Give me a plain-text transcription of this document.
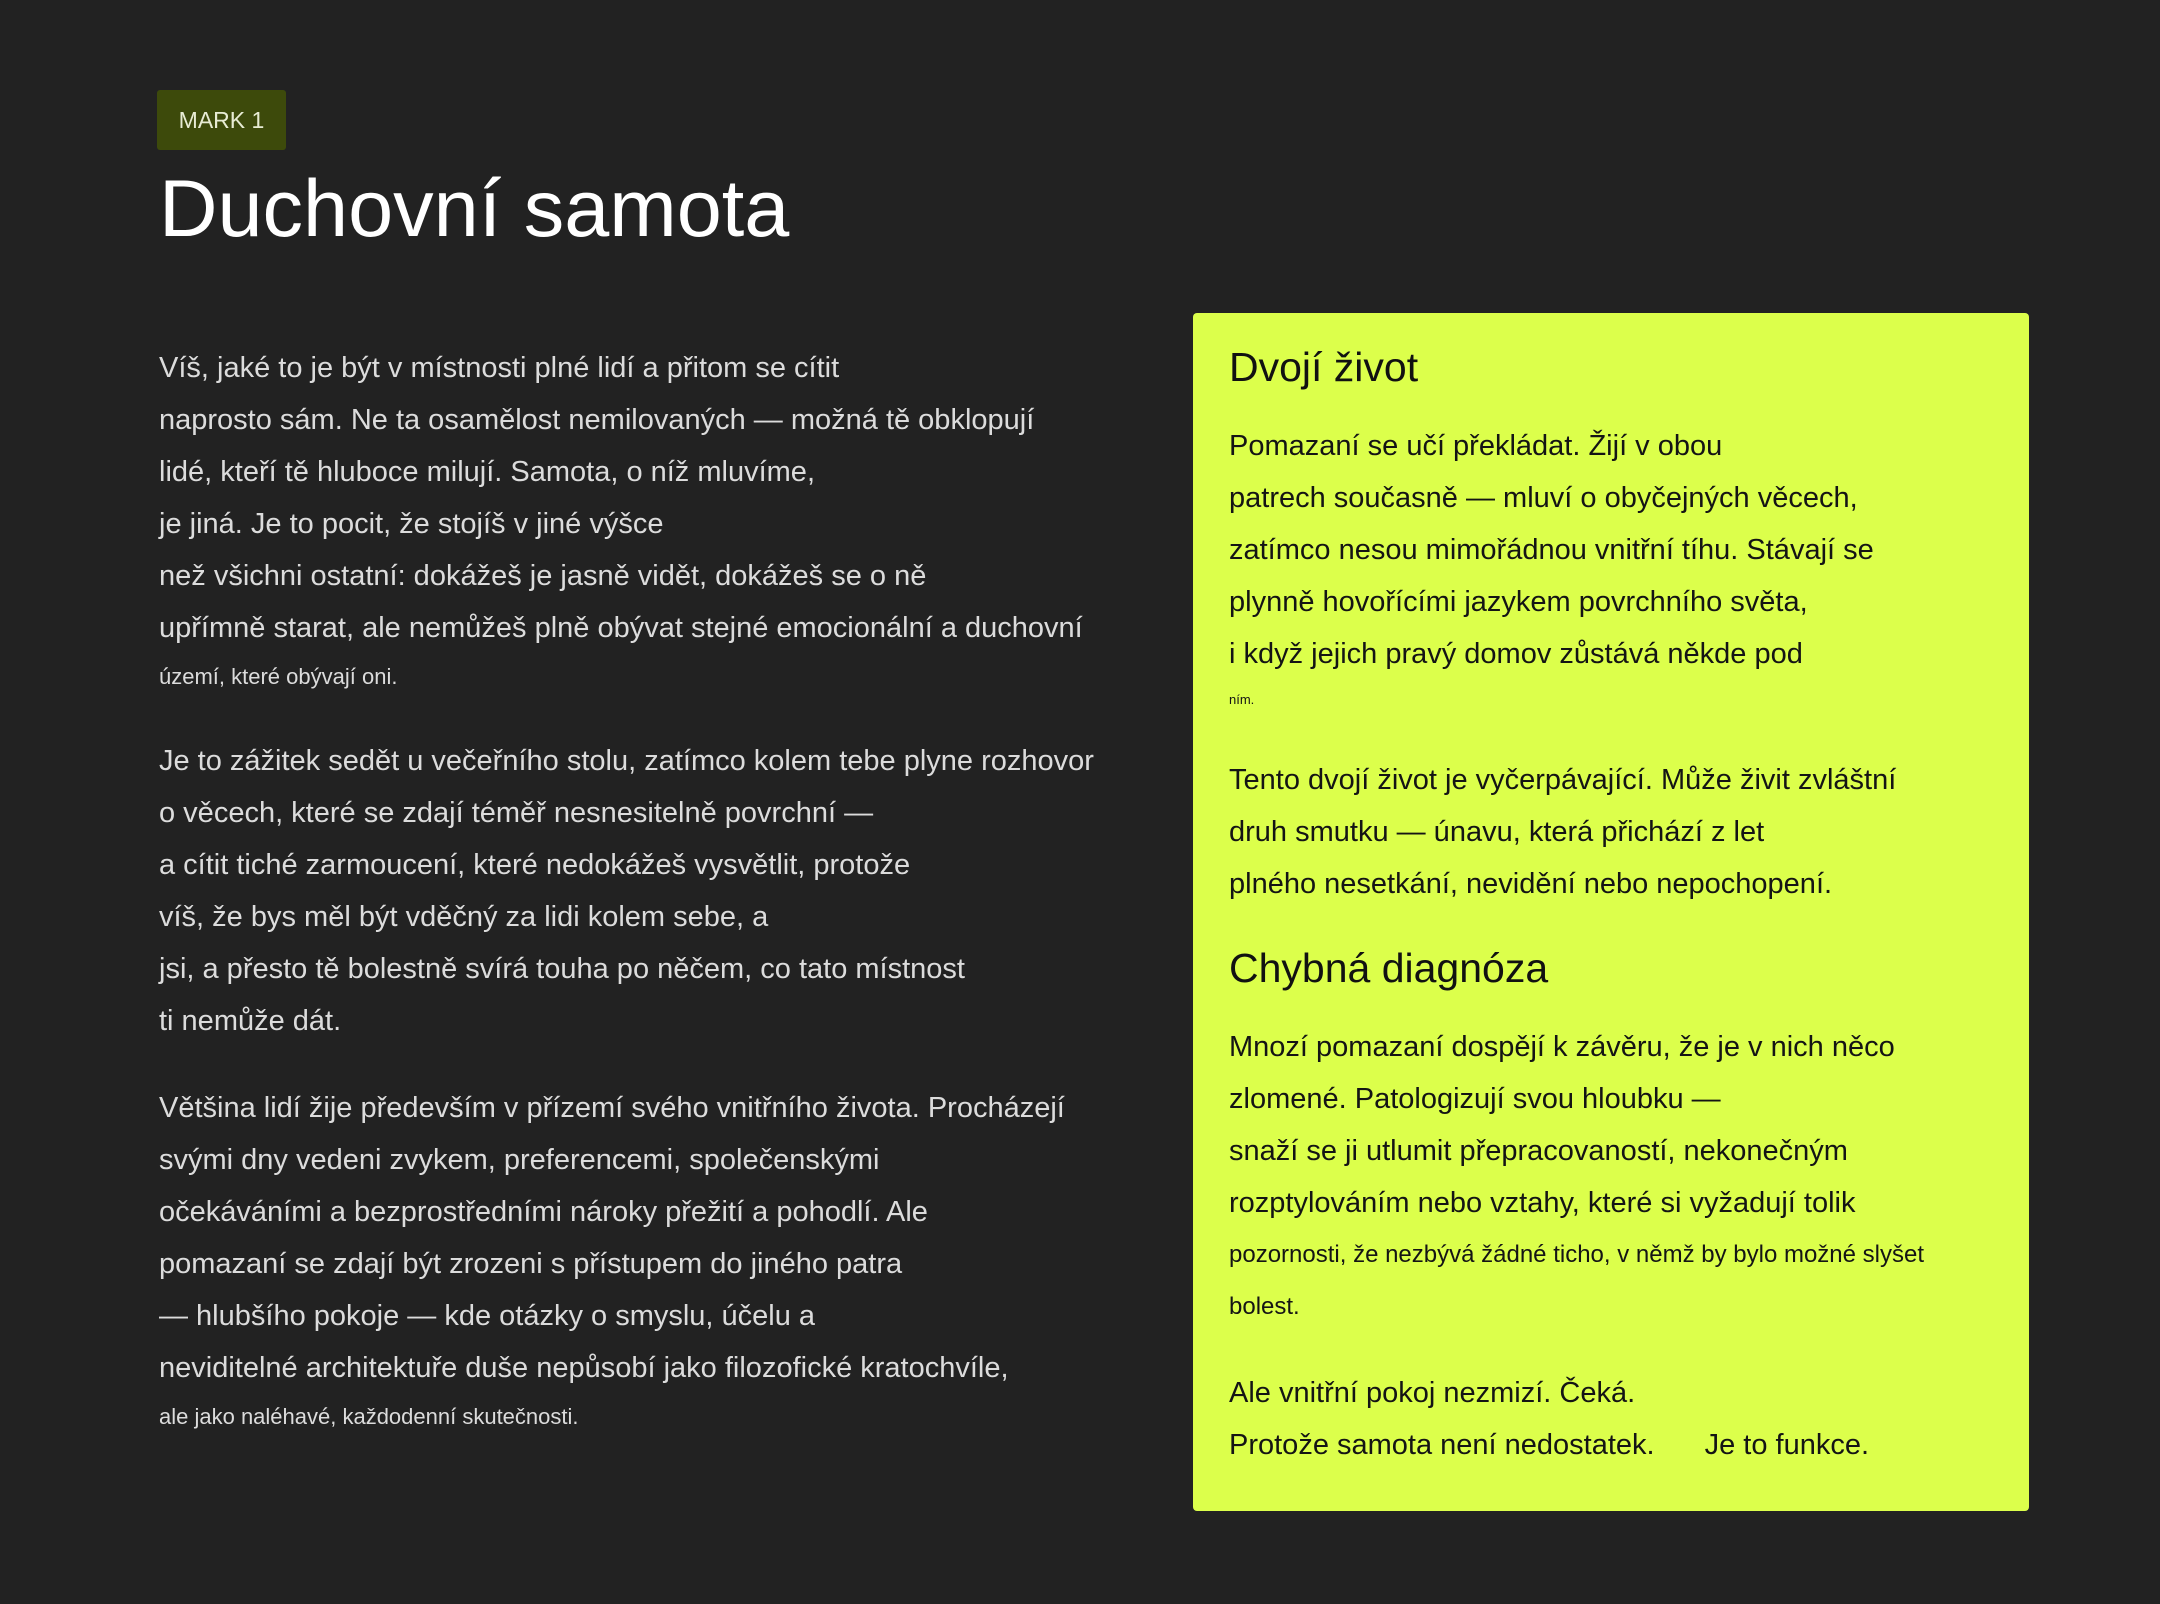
MARK 1
Duchovní samota

Víš, jaké to je být v místnosti plné lidí a přitom se cítit
naprosto sám. Ne ta osamělost nemilovaných — možná tě obklopují
lidé, kteří tě hluboce milují. Samota, o níž mluvíme,
je jiná. Je to pocit, že stojíš v jiné výšce
než všichni ostatní: dokážeš je jasně vidět, dokážeš se o ně
upřímně starat, ale nemůžeš plně obývat stejné emocionální a duchovní
území, které obývají oni.

Je to zážitek sedět u večeřního stolu, zatímco kolem tebe plyne rozhovor
o věcech, které se zdají téměř nesnesitelně povrchní —
a cítit tiché zarmoucení, které nedokážeš vysvětlit, protože
víš, že bys měl být vděčný za lidi kolem sebe, a
jsi, a přesto tě bolestně svírá touha po něčem, co tato místnost
ti nemůže dát.

Většina lidí žije především v přízemí svého vnitřního života. Procházejí
svými dny vedeni zvykem, preferencemi, společenskými
očekáváními a bezprostředními nároky přežití a pohodlí. Ale
pomazaní se zdají být zrozeni s přístupem do jiného patra
— hlubšího pokoje — kde otázky o smyslu, účelu a
neviditelné architektuře duše nepůsobí jako filozofické kratochvíle,
ale jako naléhavé, každodenní skutečnosti.

Dvojí život

Pomazaní se učí překládat. Žijí v obou
patrech současně — mluví o obyčejných věcech,
zatímco nesou mimořádnou vnitřní tíhu. Stávají se
plynně hovořícími jazykem povrchního světa,
i když jejich pravý domov zůstává někde pod
ním.

Tento dvojí život je vyčerpávající. Může živit zvláštní
druh smutku — únavu, která přichází z let
plného nesetkání, nevidění nebo nepochopení.

Chybná diagnóza

Mnozí pomazaní dospějí k závěru, že je v nich něco
zlomené. Patologizují svou hloubku —
snaží se ji utlumit přepracovaností, nekonečným
rozptylováním nebo vztahy, které si vyžadují tolik
pozornosti, že nezbývá žádné ticho, v němž by bylo možné slyšet
bolest.

Ale vnitřní pokoj nezmizí. Čeká.
Protože samota není nedostatek. Je to funkce.
